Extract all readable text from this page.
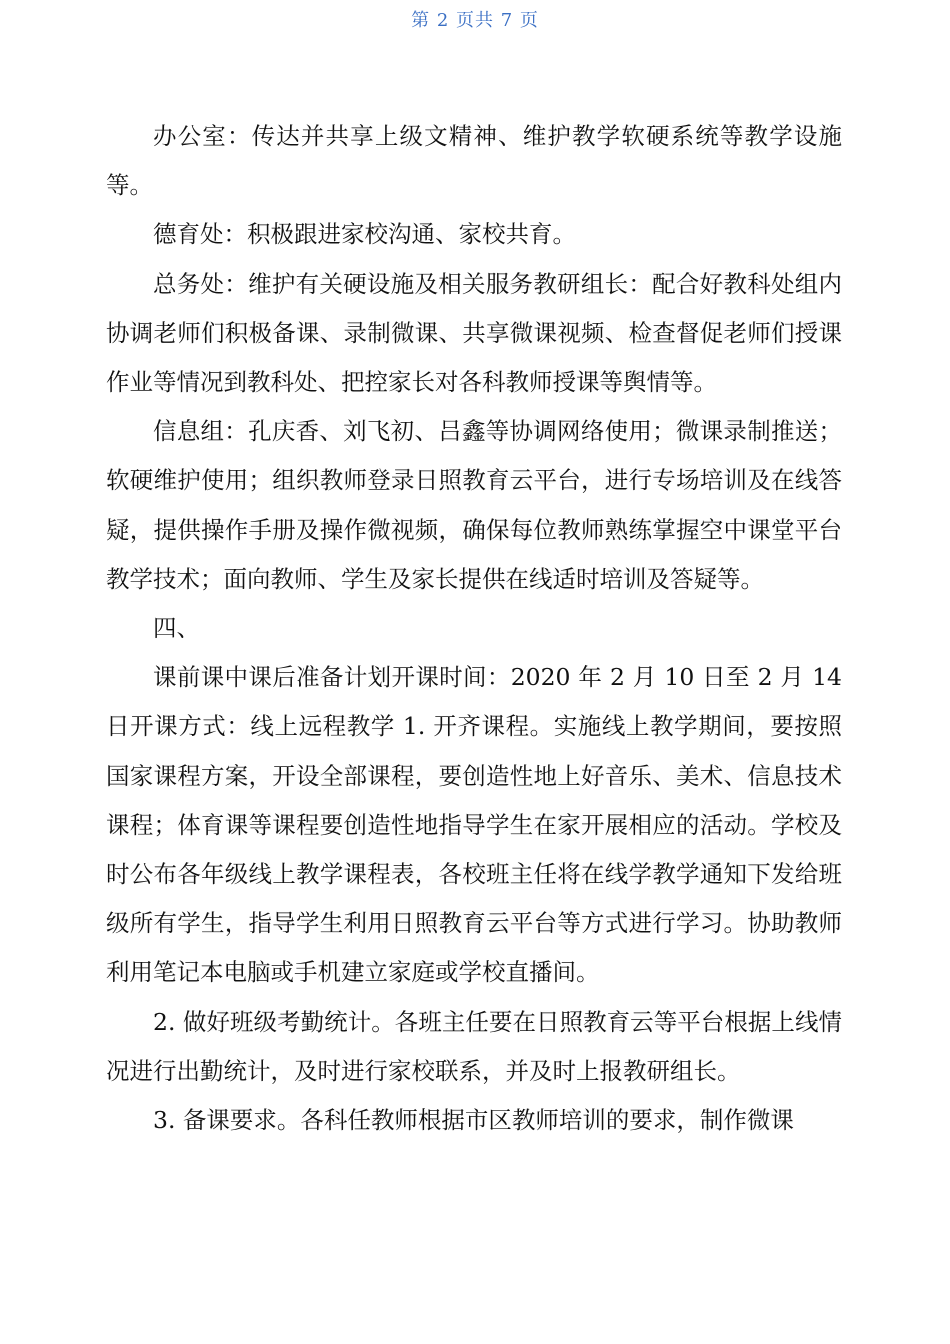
第 2 页共 7 页

办公室：传达并共享上级文精神、维护教学软硬系统等教学设施等。

德育处：积极跟进家校沟通、家校共育。

总务处：维护有关硬设施及相关服务教研组长：配合好教科处组内协调老师们积极备课、录制微课、共享微课视频、检查督促老师们授课作业等情况到教科处、把控家长对各科教师授课等舆情等。

信息组：孔庆香、刘飞初、吕鑫等协调网络使用；微课录制推送；软硬维护使用；组织教师登录日照教育云平台，进行专场培训及在线答疑，提供操作手册及操作微视频，确保每位教师熟练掌握空中课堂平台教学技术；面向教师、学生及家长提供在线适时培训及答疑等。

四、

课前课中课后准备计划开课时间：2020 年 2 月 10 日至 2 月 14 日开课方式：线上远程教学 1. 开齐课程。实施线上教学期间，要按照国家课程方案，开设全部课程，要创造性地上好音乐、美术、信息技术课程；体育课等课程要创造性地指导学生在家开展相应的活动。学校及时公布各年级线上教学课程表，各校班主任将在线学教学通知下发给班级所有学生，指导学生利用日照教育云平台等方式进行学习。协助教师利用笔记本电脑或手机建立家庭或学校直播间。

2. 做好班级考勤统计。各班主任要在日照教育云等平台根据上线情况进行出勤统计，及时进行家校联系，并及时上报教研组长。

3. 备课要求。各科任教师根据市区教师培训的要求，制作微课
